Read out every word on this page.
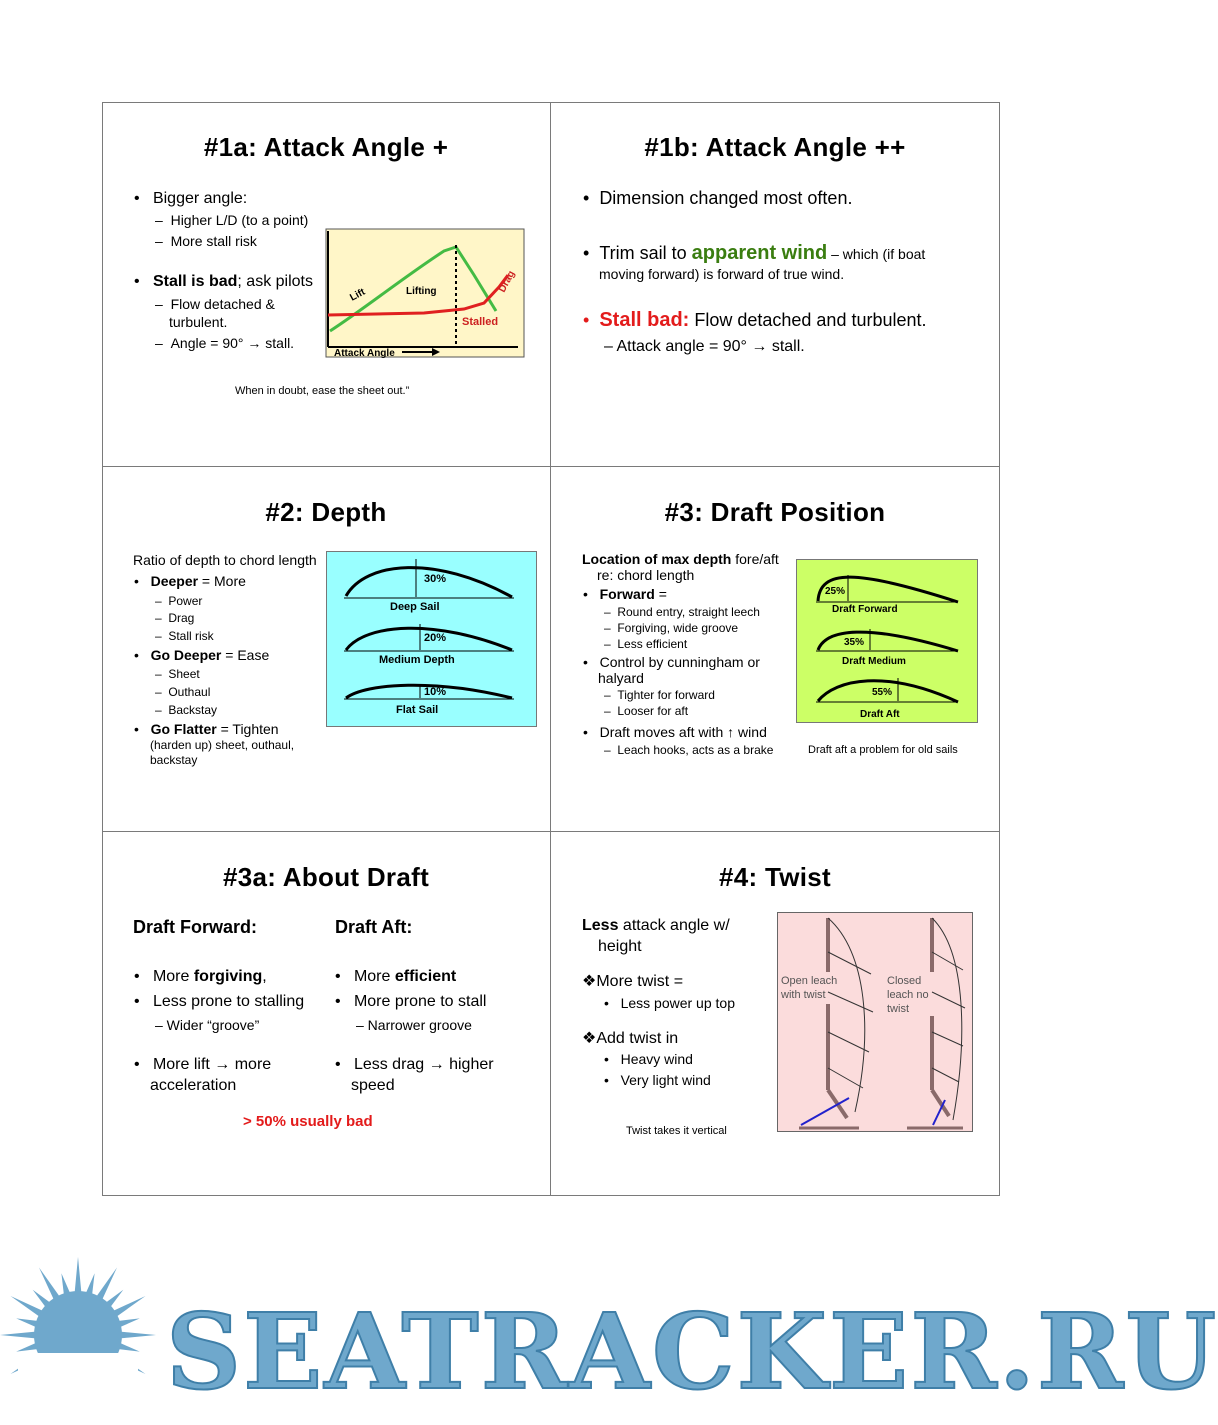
#1a: Attack Angle +
•   Bigger angle:
–  Higher L/D (to a point)
–  More stall risk
•   Stall is bad; ask pilots
–  Flow detached &
turbulent.
–  Angle = 90° → stall.
When in doubt, ease the sheet out.”
Lift	Lifting	Drag
Stalled
Attack Angle
#1b: Attack Angle ++
•  Dimension changed most often.
•  Trim sail to apparent wind – which (if boat
moving forward) is forward of true wind.
• Stall bad: Flow detached and turbulent.
– Attack angle = 90° → stall.
#2: Depth
Ratio of depth to chord length
•   Deeper = More
–  Power
–  Drag
–  Stall risk
•   Go Deeper = Ease
–  Sheet
–  Outhaul
–  Backstay
•   Go Flatter = Tighten
(harden up) sheet, outhaul,
backstay
30%
Deep Sail
20%
Medium Depth
10%
Flat Sail
#3: Draft Position
Location of max depth fore/aft
re: chord length
•   Forward =
–  Round entry, straight leech
–  Forgiving, wide groove
–  Less efficient
•   Control by cunningham or
halyard
–  Tighter for forward
–  Looser for aft
•   Draft moves aft with ↑ wind
–  Leach hooks, acts as a brake	Draft aft a problem for old sails
25%
Draft Forward
35%
Draft Medium
55%
Draft Aft
#3a: About Draft
Draft Forward:	Draft Aft:
•   More forgiving,
•   Less prone to stalling
– Wider “groove”
•   More lift → more
acceleration
•   More efficient
•   More prone to stall
– Narrower groove
•   Less drag → higher
speed
> 50% usually bad
#4: Twist
Less attack angle w/
height
❖More twist =
•   Less power up top
❖Add twist in
•   Heavy wind
•   Very light wind
Twist takes it vertical
Open leach
with twist
Closed
leach no
twist
SEATRACKER.RU
